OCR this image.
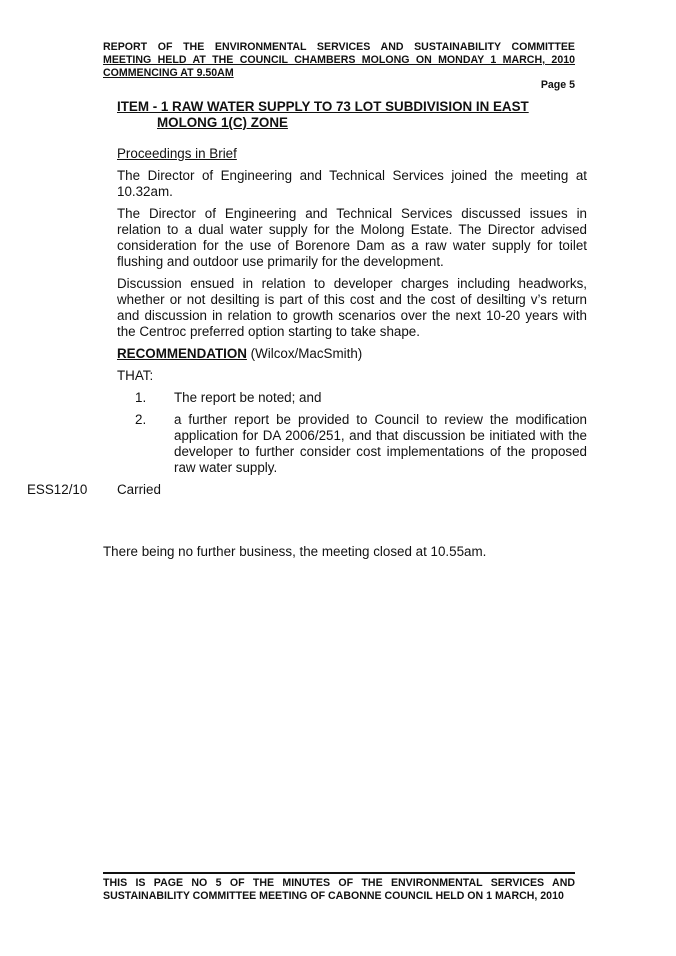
REPORT OF THE ENVIRONMENTAL SERVICES AND SUSTAINABILITY COMMITTEE
MEETING HELD AT THE COUNCIL CHAMBERS MOLONG ON MONDAY 1 MARCH, 2010
COMMENCING AT 9.50AM
Page 5
ITEM - 1 RAW WATER SUPPLY TO 73 LOT SUBDIVISION IN EAST
MOLONG 1(C) ZONE
Proceedings in Brief
The Director of Engineering and Technical Services joined the meeting at 10.32am.
The Director of Engineering and Technical Services discussed issues in relation to a dual water supply for the Molong Estate. The Director advised consideration for the use of Borenore Dam as a raw water supply for toilet flushing and outdoor use primarily for the development.
Discussion ensued in relation to developer charges including headworks, whether or not desilting is part of this cost and the cost of desilting v’s return and discussion in relation to growth scenarios over the next 10-20 years with the Centroc preferred option starting to take shape.
RECOMMENDATION (Wilcox/MacSmith)
THAT:
1.	The report be noted; and
2.	a further report be provided to Council to review the modification application for DA 2006/251, and that discussion be initiated with the developer to further consider cost implementations of the proposed raw water supply.
ESS12/10 Carried
There being no further business, the meeting closed at 10.55am.
THIS IS PAGE NO 5 OF THE MINUTES OF THE ENVIRONMENTAL SERVICES AND SUSTAINABILITY COMMITTEE MEETING OF CABONNE COUNCIL HELD ON 1 MARCH, 2010
